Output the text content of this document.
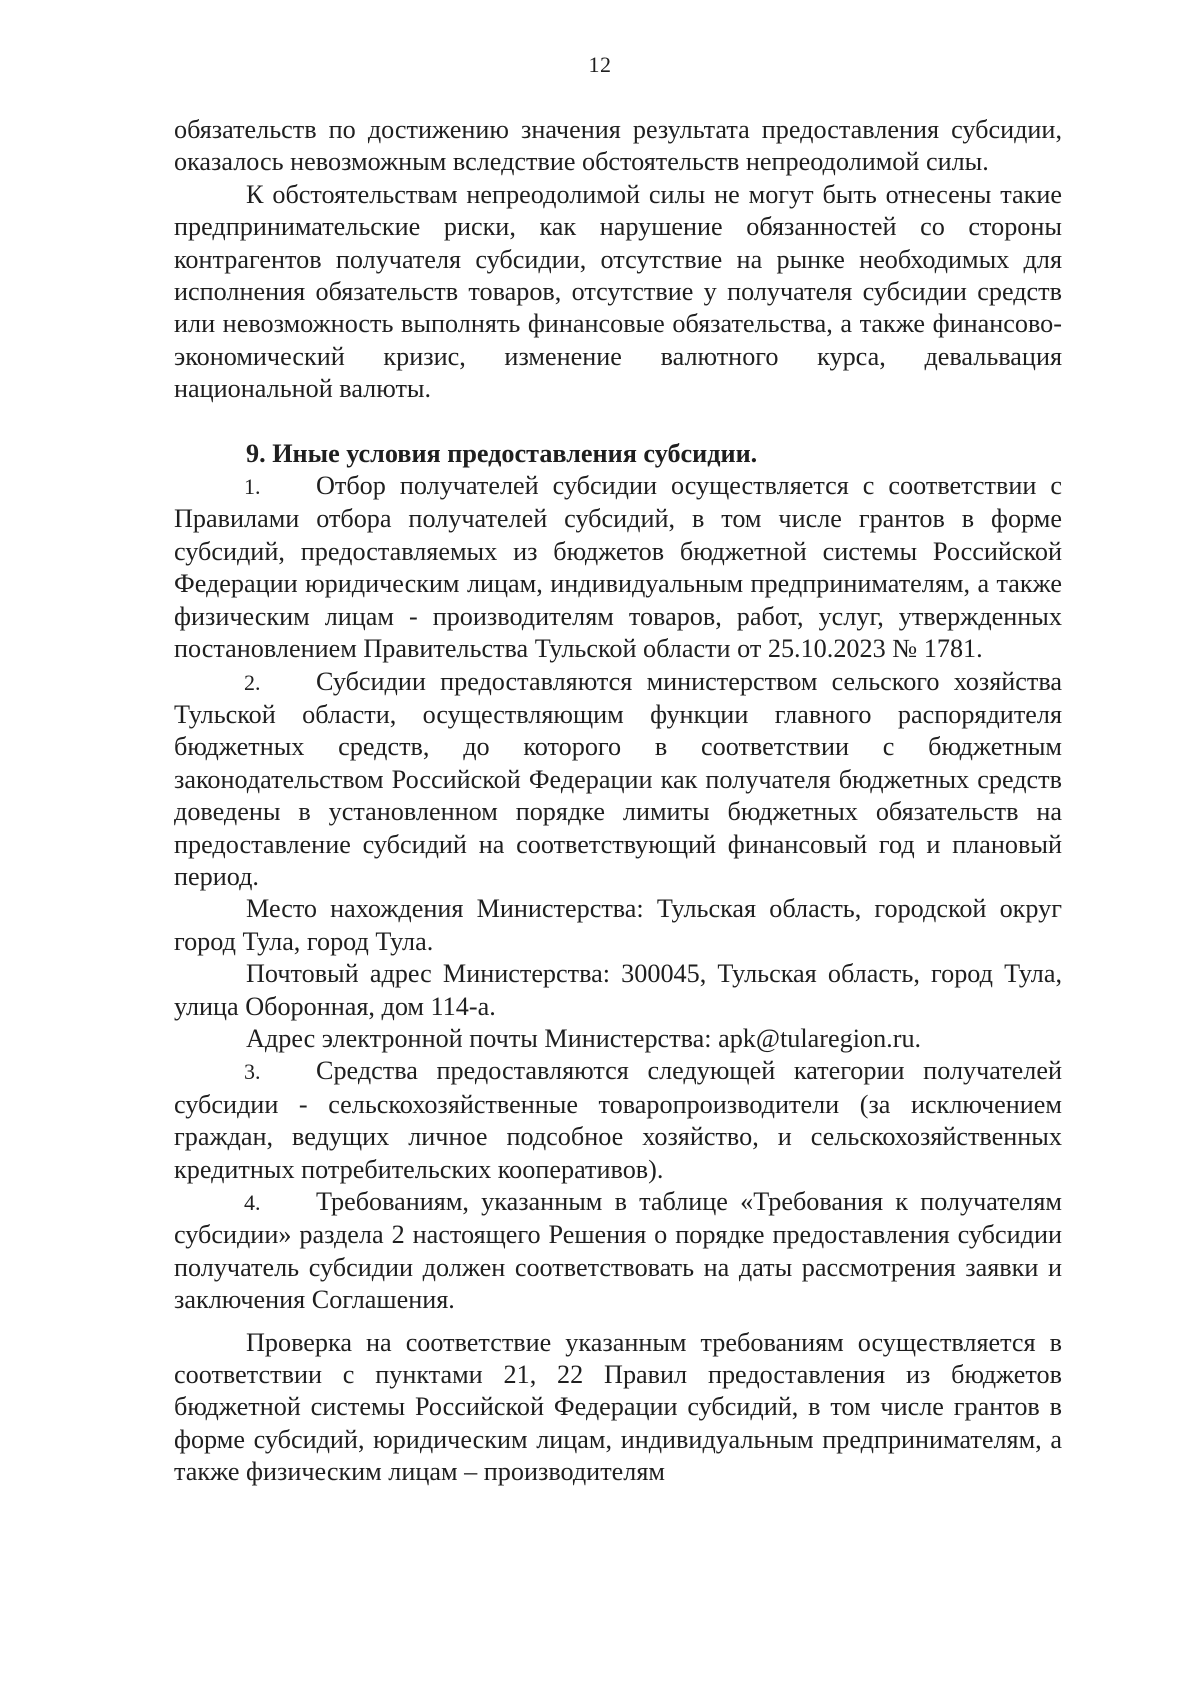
12

обязательств по достижению значения результата предоставления субсидии, оказалось невозможным вследствие обстоятельств непреодолимой силы.

К обстоятельствам непреодолимой силы не могут быть отнесены такие предпринимательские риски, как нарушение обязанностей со стороны контрагентов получателя субсидии, отсутствие на рынке необходимых для исполнения обязательств товаров, отсутствие у получателя субсидии средств или невозможность выполнять финансовые обязательства, а также финансово-экономический кризис, изменение валютного курса, девальвация национальной валюты.

9. Иные условия предоставления субсидии.

1. Отбор получателей субсидии осуществляется с соответствии с Правилами отбора получателей субсидий, в том числе грантов в форме субсидий, предоставляемых из бюджетов бюджетной системы Российской Федерации юридическим лицам, индивидуальным предпринимателям, а также физическим лицам - производителям товаров, работ, услуг, утвержденных постановлением Правительства Тульской области от 25.10.2023 № 1781.

2. Субсидии предоставляются министерством сельского хозяйства Тульской области, осуществляющим функции главного распорядителя бюджетных средств, до которого в соответствии с бюджетным законодательством Российской Федерации как получателя бюджетных средств доведены в установленном порядке лимиты бюджетных обязательств на предоставление субсидий на соответствующий финансовый год и плановый период.

Место нахождения Министерства: Тульская область, городской округ город Тула, город Тула.

Почтовый адрес Министерства: 300045, Тульская область, город Тула, улица Оборонная, дом 114-а.

Адрес электронной почты Министерства: apk@tularegion.ru.

3. Средства предоставляются следующей категории получателей субсидии - сельскохозяйственные товаропроизводители (за исключением граждан, ведущих личное подсобное хозяйство, и сельскохозяйственных кредитных потребительских кооперативов).

4. Требованиям, указанным в таблице «Требования к получателям субсидии» раздела 2 настоящего Решения о порядке предоставления субсидии получатель субсидии должен соответствовать на даты рассмотрения заявки и заключения Соглашения.

Проверка на соответствие указанным требованиям осуществляется в соответствии с пунктами 21, 22 Правил предоставления из бюджетов бюджетной системы Российской Федерации субсидий, в том числе грантов в форме субсидий, юридическим лицам, индивидуальным предпринимателям, а также физическим лицам – производителям
